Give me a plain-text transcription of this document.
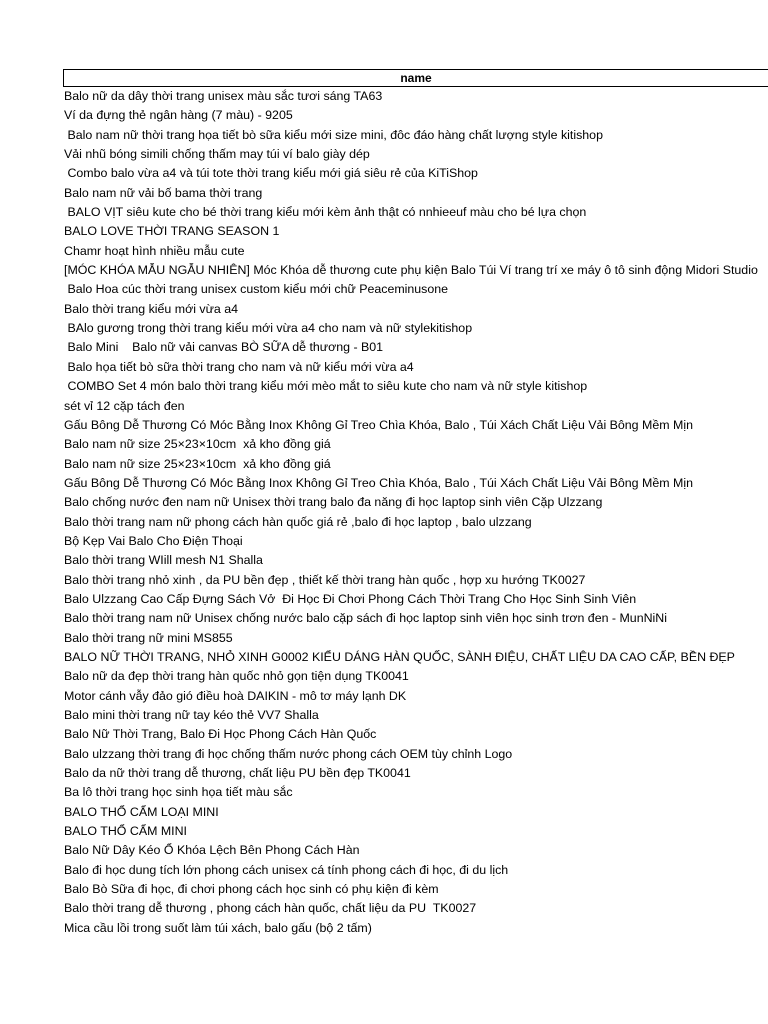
name
Balo nữ da dây thời trang unisex màu sắc tươi sáng TA63
Ví da đựng thẻ ngân hàng (7 màu) - 9205
Balo nam nữ thời trang họa tiết bò sữa kiểu mới size mini, đôc đáo hàng chất lượng style kitishop
Vải nhũ bóng simili chống thấm may túi ví balo giày dép
Combo balo vừa a4 và túi tote thời trang kiểu mới giá siêu rẻ của KiTiShop
Balo nam nữ vải bố bama thời trang
BALO VỊT siêu kute cho bé thời trang kiểu mới kèm ảnh thật có nnhieeuf màu cho bé lựa chọn
BALO LOVE THỜI TRANG SEASON 1
Chamr hoạt hình nhiều mẫu cute
[MÓC KHÓA MẪU NGẪU NHIÊN] Móc Khóa dễ thương cute phụ kiện Balo Túi Ví trang trí xe máy ô tô sinh động Midori Studio
Balo Hoa cúc thời trang unisex custom kiểu mới chữ Peaceminusone
Balo thời trang kiểu mới vừa a4
BAlo gương trong thời trang kiểu mới vừa a4 cho nam và nữ stylekitishop
Balo Mini    Balo nữ vải canvas BÒ SỮA dễ thương - B01
Balo họa tiết bò sữa thời trang cho nam và nữ kiểu mới vừa a4
COMBO Set 4 món balo thời trang kiểu mới mèo mắt to siêu kute cho nam và nữ style kitishop
sét vỉ 12 cặp tách đen
Gấu Bông Dễ Thương Có Móc Bằng Inox Không Gỉ Treo Chìa Khóa, Balo , Túi Xách Chất Liệu Vải Bông Mềm Mịn
Balo nam nữ size 25×23×10cm  xả kho đồng giá
Balo nam nữ size 25×23×10cm  xả kho đồng giá
Gấu Bông Dễ Thương Có Móc Bằng Inox Không Gỉ Treo Chìa Khóa, Balo , Túi Xách Chất Liệu Vải Bông Mềm Mịn
Balo chống nước đen nam nữ Unisex thời trang balo đa năng đi học laptop sinh viên Cặp Ulzzang
Balo thời trang nam nữ phong cách hàn quốc giá rẻ ,balo đi học laptop , balo ulzzang
Bộ Kẹp Vai Balo Cho Điện Thoại
Balo thời trang WIill mesh N1 Shalla
Balo thời trang nhỏ xinh , da PU bền đẹp , thiết kế thời trang hàn quốc , hợp xu hướng TK0027
Balo Ulzzang Cao Cấp Đựng Sách Vở  Đi Học Đi Chơi Phong Cách Thời Trang Cho Học Sinh Sinh Viên
Balo thời trang nam nữ Unisex chống nước balo cặp sách đi học laptop sinh viên học sinh trơn đen - MunNiNi
Balo thời trang nữ mini MS855
BALO NỮ THỜI TRANG, NHỎ XINH G0002 KIỂU DÁNG HÀN QUỐC, SÀNH ĐIỆU, CHẤT LIỆU DA CAO CẤP, BỀN ĐẸP
Balo nữ da đẹp thời trang hàn quốc nhỏ gọn tiện dụng TK0041
Motor cánh vẫy đảo gió điều hoà DAIKIN - mô tơ máy lạnh DK
Balo mini thời trang nữ tay kéo thẻ VV7 Shalla
Balo Nữ Thời Trang, Balo Đi Học Phong Cách Hàn Quốc
Balo ulzzang thời trang đi học chống thấm nước phong cách OEM tùy chỉnh Logo
Balo da nữ thời trang dễ thương, chất liệu PU bền đẹp TK0041
Ba lô thời trang học sinh họa tiết màu sắc
BALO THỔ CẨM LOẠI MINI
BALO THỔ CẨM MINI
Balo Nữ Dây Kéo Ổ Khóa Lệch Bên Phong Cách Hàn
Balo đi học dung tích lớn phong cách unisex cá tính phong cách đi học, đi du lịch
Balo Bò Sữa đi học, đi chơi phong cách học sinh có phụ kiện đi kèm
Balo thời trang dễ thương , phong cách hàn quốc, chất liệu da PU  TK0027
Mica cầu lồi trong suốt làm túi xách, balo gấu (bộ 2 tấm)
